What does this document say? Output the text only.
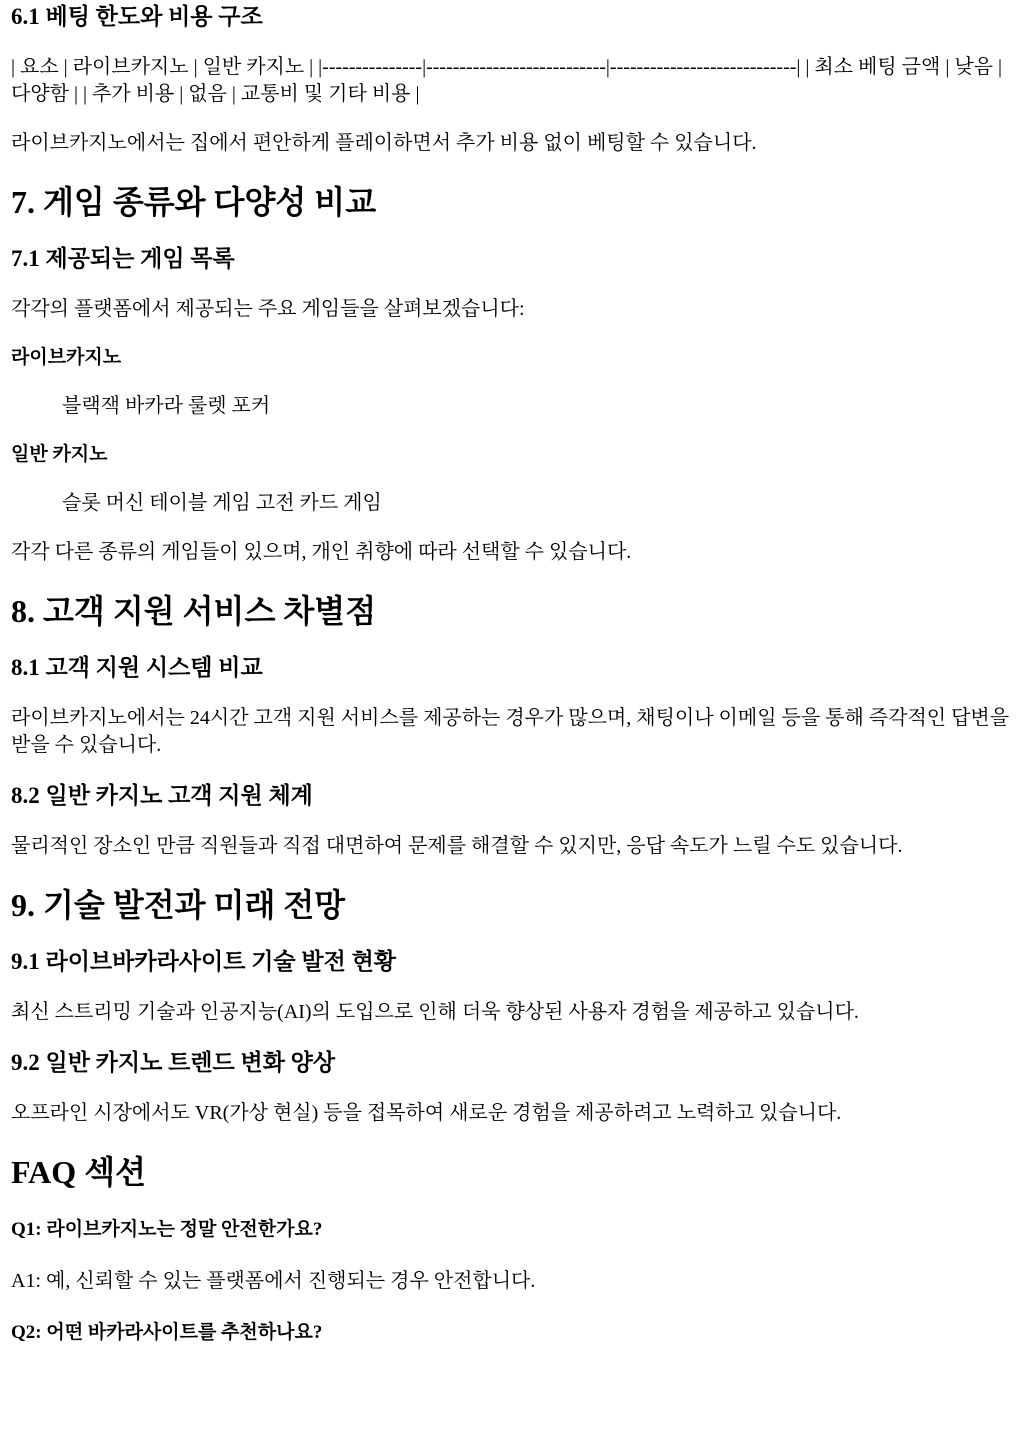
6.1 베팅 한도와 비용 구조

| 요소 | 라이브카지노 | 일반 카지노 | |---------------|---------------------------|----------------------------| | 최소 베팅 금액 | 낮음 | 다양함 | | 추가 비용 | 없음 | 교통비 및 기타 비용 |

라이브카지노에서는 집에서 편안하게 플레이하면서 추가 비용 없이 베팅할 수 있습니다.

7. 게임 종류와 다양성 비교
7.1 제공되는 게임 목록

각각의 플랫폼에서 제공되는 주요 게임들을 살펴보겠습니다:

라이브카지노

블랙잭 바카라 룰렛 포커

일반 카지노

슬롯 머신 테이블 게임 고전 카드 게임

각각 다른 종류의 게임들이 있으며, 개인 취향에 따라 선택할 수 있습니다.

8. 고객 지원 서비스 차별점
8.1 고객 지원 시스템 비교

라이브카지노에서는 24시간 고객 지원 서비스를 제공하는 경우가 많으며, 채팅이나 이메일 등을 통해 즉각적인 답변을 받을 수 있습니다.

8.2 일반 카지노 고객 지원 체계

물리적인 장소인 만큼 직원들과 직접 대면하여 문제를 해결할 수 있지만, 응답 속도가 느릴 수도 있습니다.

9. 기술 발전과 미래 전망
9.1 라이브바카라사이트 기술 발전 현황

최신 스트리밍 기술과 인공지능(AI)의 도입으로 인해 더욱 향상된 사용자 경험을 제공하고 있습니다.

9.2 일반 카지노 트렌드 변화 양상

오프라인 시장에서도 VR(가상 현실) 등을 접목하여 새로운 경험을 제공하려고 노력하고 있습니다.

FAQ 섹션
Q1: 라이브카지노는 정말 안전한가요?

A1: 예, 신뢰할 수 있는 플랫폼에서 진행되는 경우 안전합니다.

Q2: 어떤 바카라사이트를 추천하나요?
